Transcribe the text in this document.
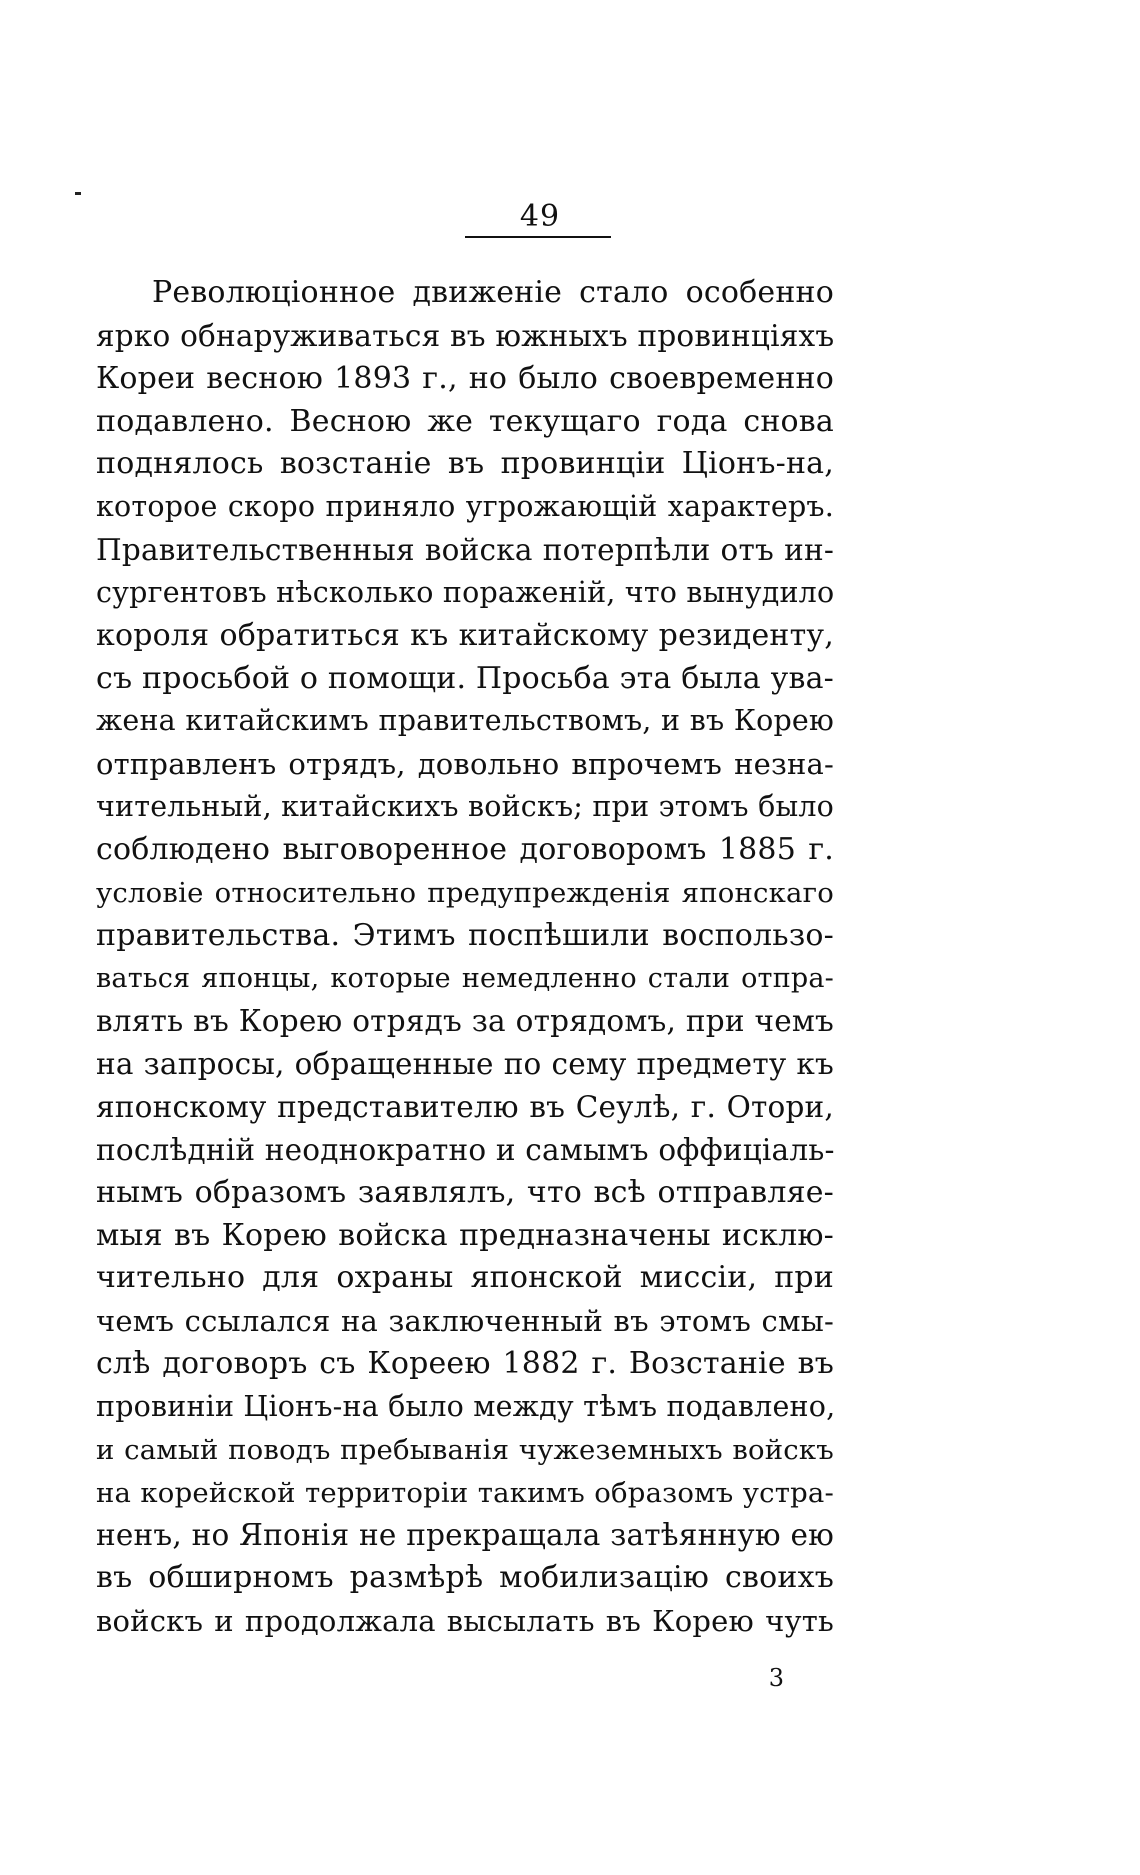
49
Революціонное движеніе стало особенно
ярко обнаруживаться въ южныхъ провинціяхъ
Кореи весною 1893 г., но было своевременно
подавлено. Весною же текущаго года снова
поднялось возстаніе въ провинціи Ціонъ-на,
которое скоро приняло угрожающій характеръ.
Правительственныя войска потерпѣли отъ ин-
сургентовъ нѣсколько пораженій, что вынудило
короля обратиться къ китайскому резиденту,
съ просьбой о помощи. Просьба эта была ува-
жена китайскимъ правительствомъ, и въ Корею
отправленъ отрядъ, довольно впрочемъ незна-
чительный, китайскихъ войскъ; при этомъ было
соблюдено выговоренное договоромъ 1885 г.
условіе относительно предупрежденія японскаго
правительства. Этимъ поспѣшили воспользо-
ваться японцы, которые немедленно стали отпра-
влять въ Корею отрядъ за отрядомъ, при чемъ
на запросы, обращенные по сему предмету къ
японскому представителю въ Сеулѣ, г. Отори,
послѣдній неоднократно и самымъ оффиціаль-
нымъ образомъ заявлялъ, что всѣ отправляе-
мыя въ Корею войска предназначены исклю-
чительно для охраны японской миссіи, при
чемъ ссылался на заключенный въ этомъ смы-
слѣ договоръ съ Кореею 1882 г. Возстаніе въ
провиніи Ціонъ-на было между тѣмъ подавлено,
и самый поводъ пребыванія чужеземныхъ войскъ
на корейской территоріи такимъ образомъ устра-
ненъ, но Японія не прекращала затѣянную ею
въ обширномъ размѣрѣ мобилизацію своихъ
войскъ и продолжала высылать въ Корею чуть
3
